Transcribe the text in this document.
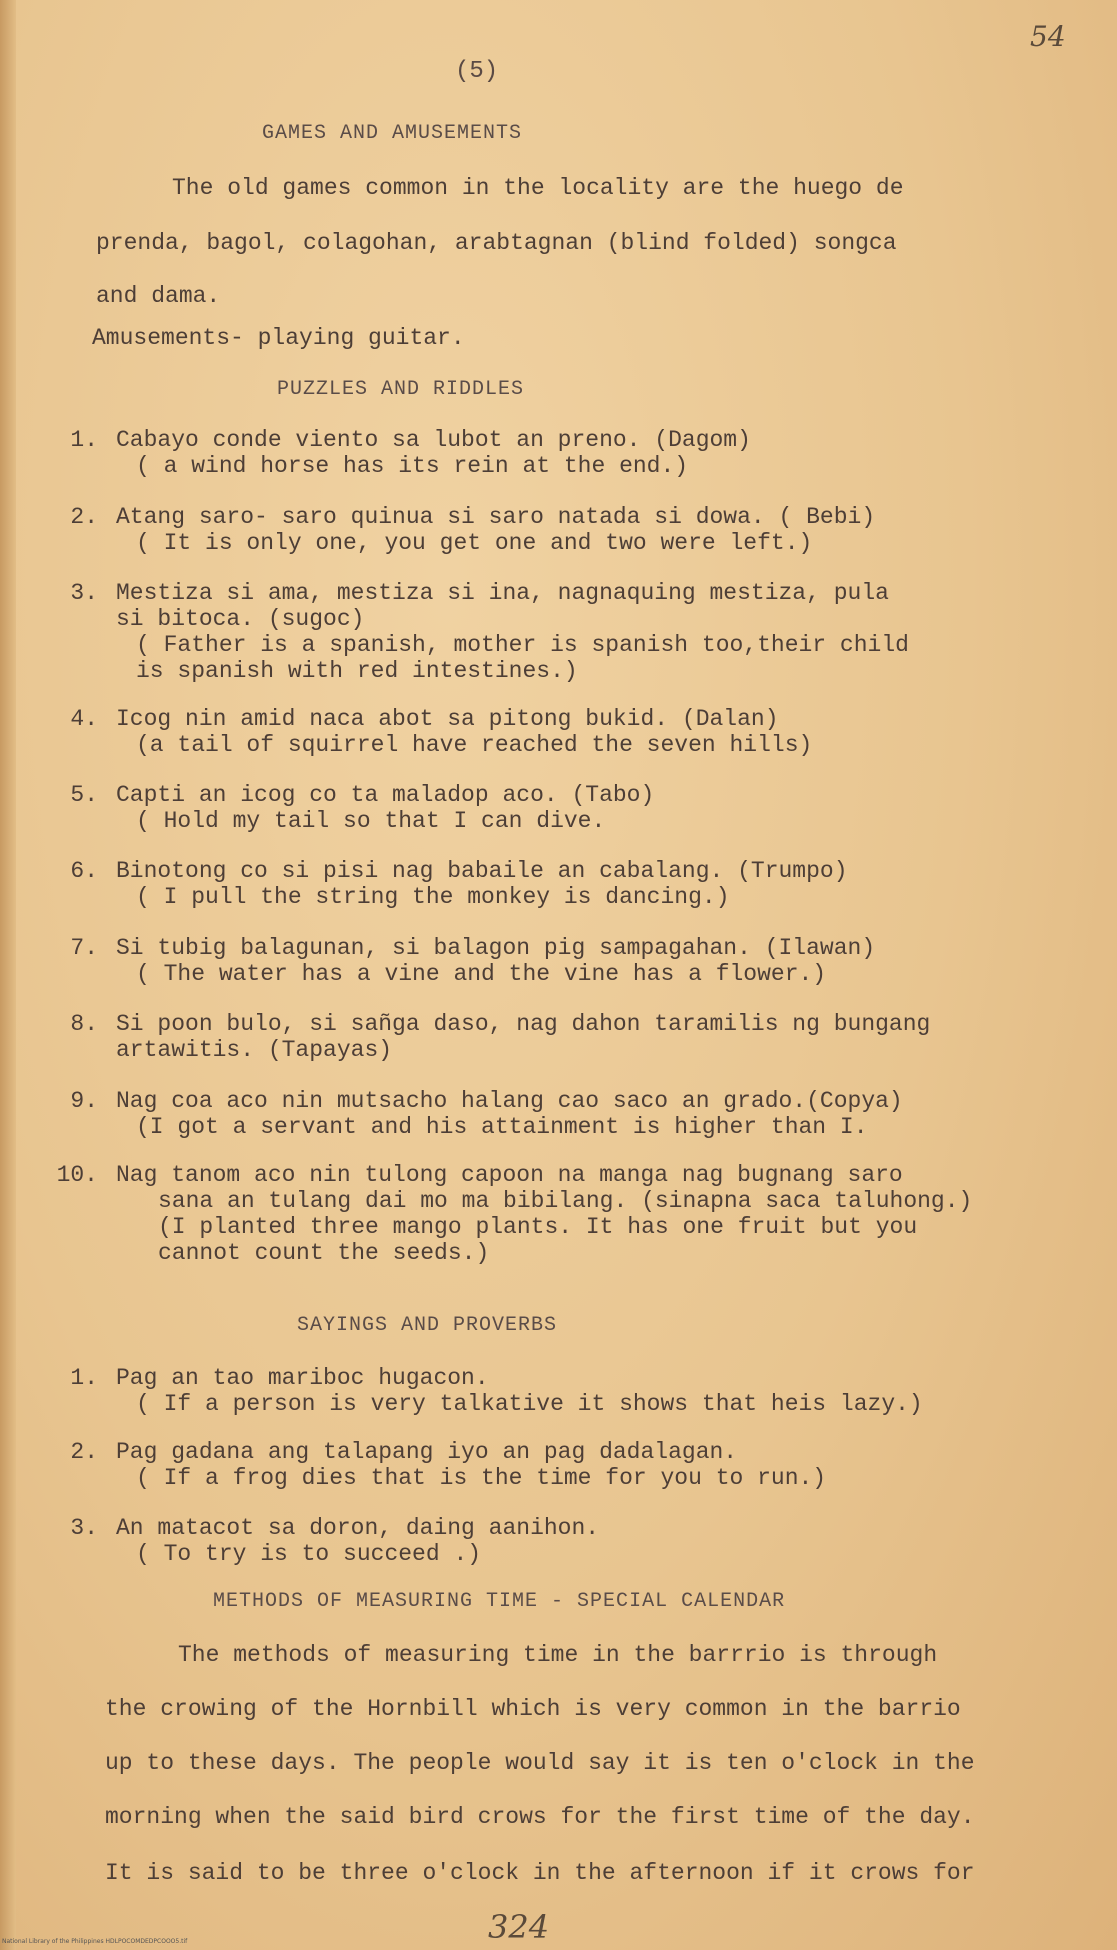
54
(5)
GAMES AND AMUSEMENTS
The old games common in the locality are the huego de
prenda, bagol, colagohan, arabtagnan (blind folded) songca
and dama.
Amusements- playing guitar.
PUZZLES AND RIDDLES
1. Cabayo conde viento sa lubot an preno. (Dagom)
( a wind horse has its rein at the end.)
2. Atang saro- saro quinua si saro natada si dowa. ( Bebi)
( It is only one, you get one and two were left.)
3. Mestiza si ama, mestiza si ina, nagnaquing mestiza, pula
si bitoca. (sugoc)
( Father is a spanish, mother is spanish too,their child
is spanish with red intestines.)
4. Icog nin amid naca abot sa pitong bukid. (Dalan)
(a tail of squirrel have reached the seven hills)
5. Capti an icog co ta maladop aco. (Tabo)
( Hold my tail so that I can dive.
6. Binotong co si pisi nag babaile an cabalang. (Trumpo)
( I pull the string the monkey is dancing.)
7. Si tubig balagunan, si balagon pig sampagahan. (Ilawan)
( The water has a vine and the vine has a flower.)
8. Si poon bulo, si sañga daso, nag dahon taramilis ng bungang
artawitis. (Tapayas)
9. Nag coa aco nin mutsacho halang cao saco an grado.(Copya)
(I got a servant and his attainment is higher than I.
10. Nag tanom aco nin tulong capoon na manga nag bugnang saro
sana an tulang dai mo ma bibilang. (sinapna saca taluhong.)
(I planted three mango plants. It has one fruit but you
cannot count the seeds.)
SAYINGS AND PROVERBS
1. Pag an tao mariboc hugacon.
( If a person is very talkative it shows that heis lazy.)
2. Pag gadana ang talapang iyo an pag dadalagan.
( If a frog dies that is the time for you to run.)
3. An matacot sa doron, daing aanihon.
( To try is to succeed .)
METHODS OF MEASURING TIME - SPECIAL CALENDAR
The methods of measuring time in the barrrio is through
the crowing of the Hornbill which is very common in the barrio
up to these days. The people would say it is ten o'clock in the
morning when the said bird crows for the first time of the day.
It is said to be three o'clock in the afternoon if it crows for
324
National Library of the Philippines HDLPOCOMDEDPCOOO5.tif
